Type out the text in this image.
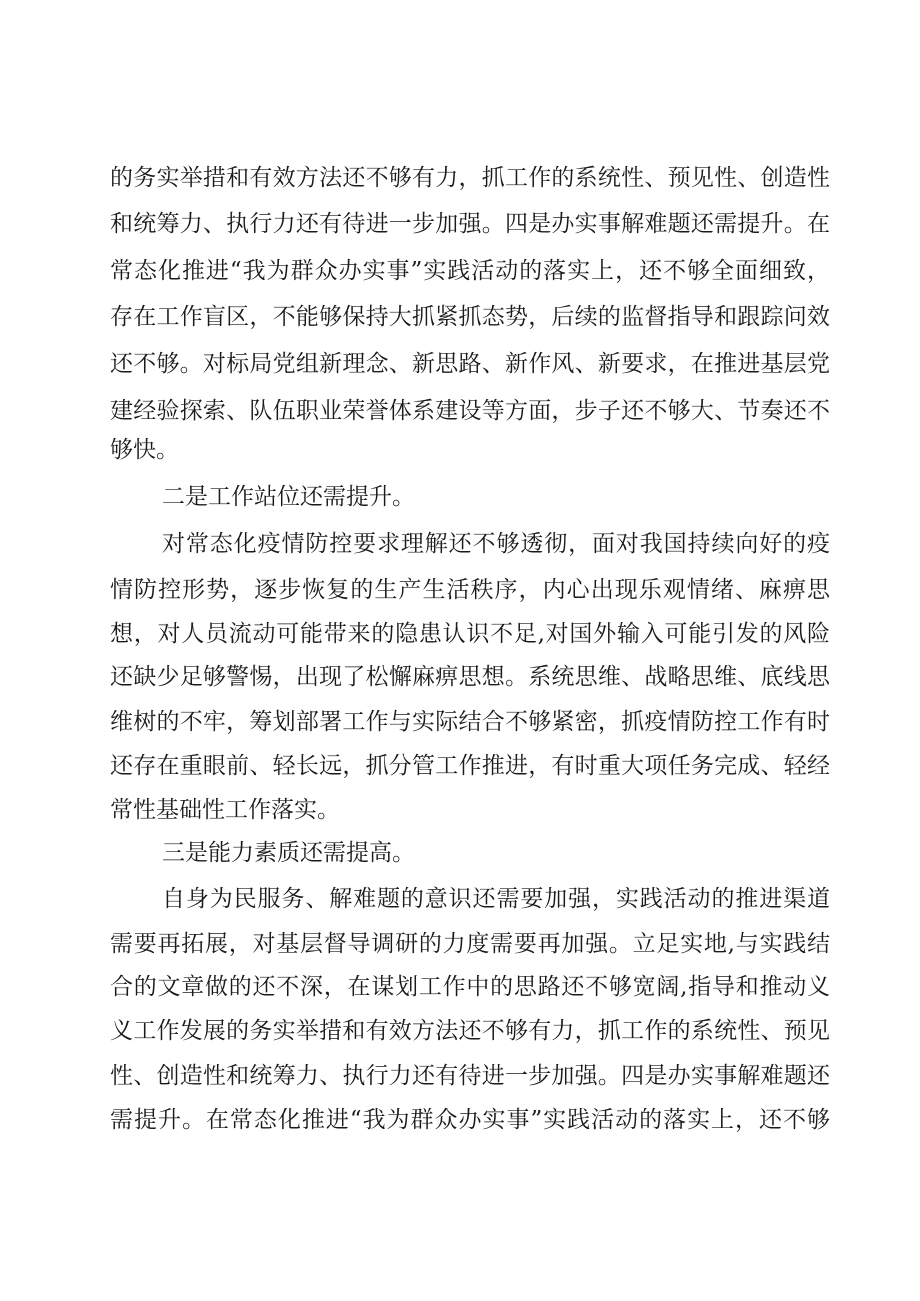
的务实举措和有效方法还不够有力，抓工作的系统性、预见性、创造性
和统筹力、执行力还有待进一步加强。四是办实事解难题还需提升。在
常态化推进“我为群众办实事”实践活动的落实上，还不够全面细致，
存在工作盲区，不能够保持大抓紧抓态势，后续的监督指导和跟踪问效
还不够。对标局党组新理念、新思路、新作风、新要求，在推进基层党
建经验探索、队伍职业荣誉体系建设等方面，步子还不够大、节奏还不
够快。
二是工作站位还需提升。
对常态化疫情防控要求理解还不够透彻，面对我国持续向好的疫
情防控形势，逐步恢复的生产生活秩序，内心出现乐观情绪、麻痹思
想，对人员流动可能带来的隐患认识不足,对国外输入可能引发的风险
还缺少足够警惕，出现了松懈麻痹思想。系统思维、战略思维、底线思
维树的不牢，筹划部署工作与实际结合不够紧密，抓疫情防控工作有时
还存在重眼前、轻长远，抓分管工作推进，有时重大项任务完成、轻经
常性基础性工作落实。
三是能力素质还需提高。
自身为民服务、解难题的意识还需要加强，实践活动的推进渠道
需要再拓展，对基层督导调研的力度需要再加强。立足实地,与实践结
合的文章做的还不深，在谋划工作中的思路还不够宽阔,指导和推动义
义工作发展的务实举措和有效方法还不够有力，抓工作的系统性、预见
性、创造性和统筹力、执行力还有待进一步加强。四是办实事解难题还
需提升。在常态化推进“我为群众办实事”实践活动的落实上，还不够
